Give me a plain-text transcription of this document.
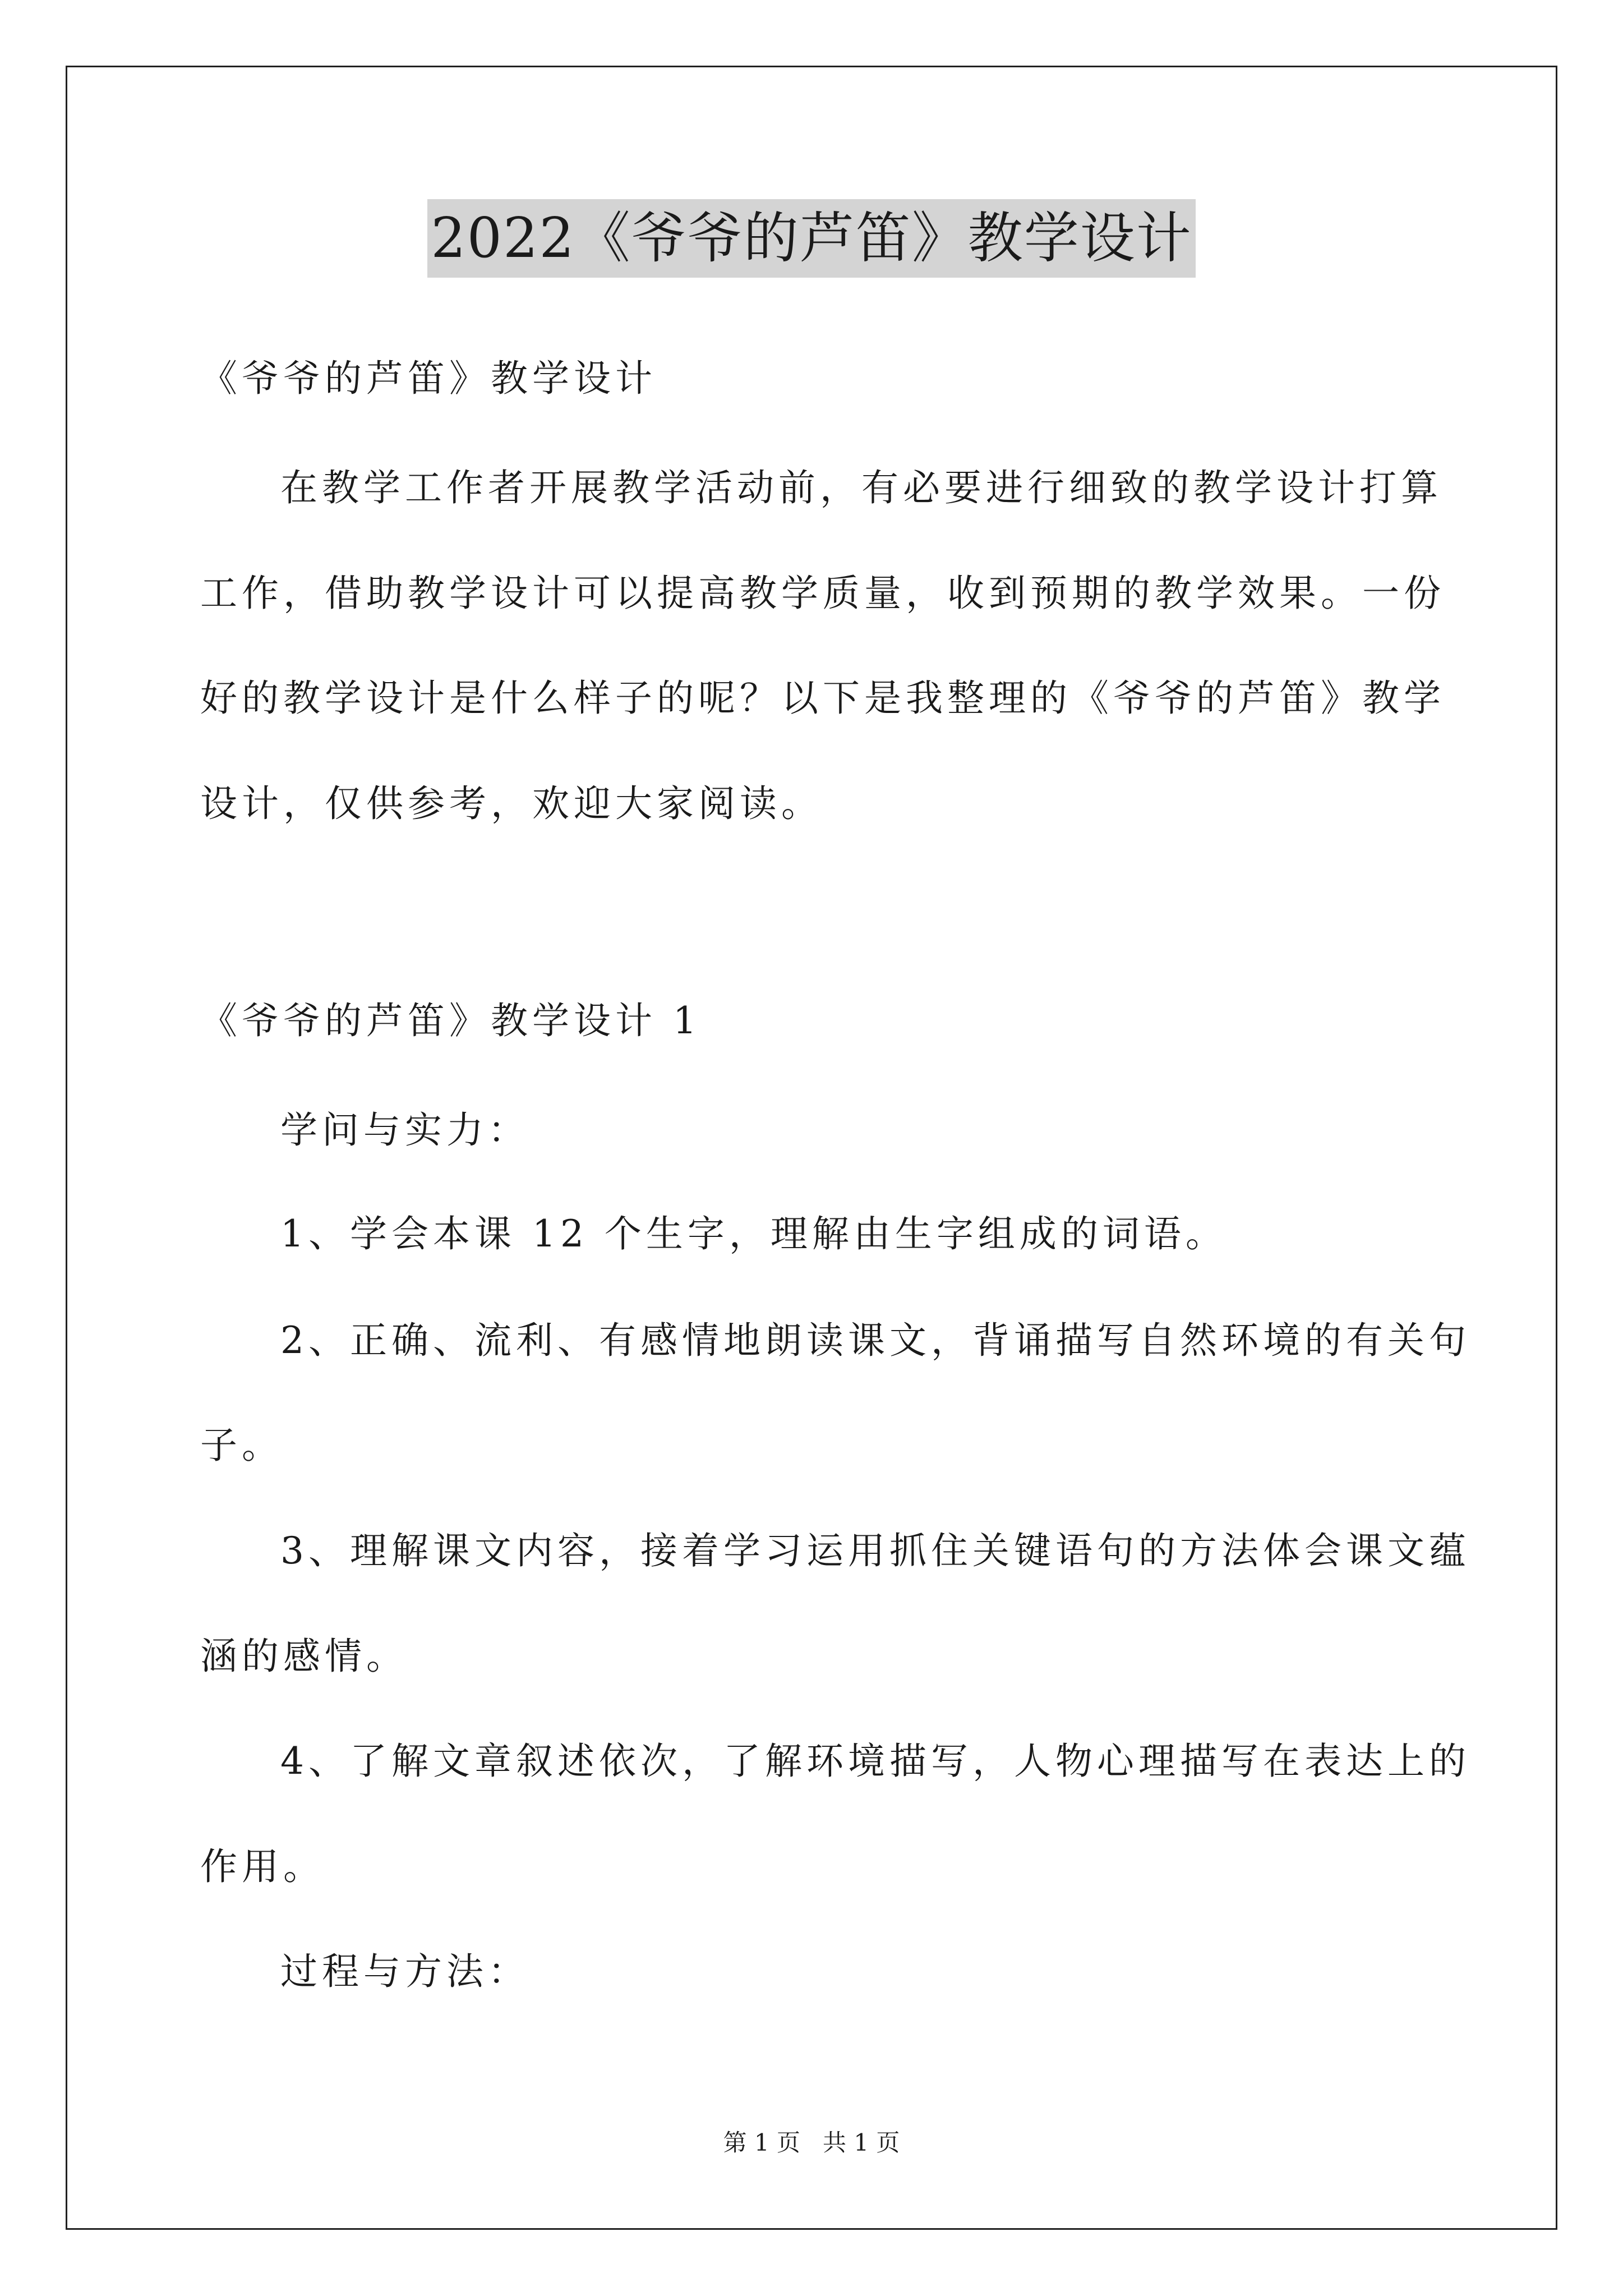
2022《爷爷的芦笛》教学设计
《爷爷的芦笛》教学设计
在教学工作者开展教学活动前，有必要进行细致的教学设计打算
工作，借助教学设计可以提高教学质量，收到预期的教学效果。一份
好的教学设计是什么样子的呢？以下是我整理的《爷爷的芦笛》教学
设计，仅供参考，欢迎大家阅读。
《爷爷的芦笛》教学设计 1
学问与实力：
1、学会本课 12 个生字，理解由生字组成的词语。
2、正确、流利、有感情地朗读课文，背诵描写自然环境的有关句
子。
3、理解课文内容，接着学习运用抓住关键语句的方法体会课文蕴
涵的感情。
4、了解文章叙述依次，了解环境描写，人物心理描写在表达上的
作用。
过程与方法：
第 1 页 共 1 页
